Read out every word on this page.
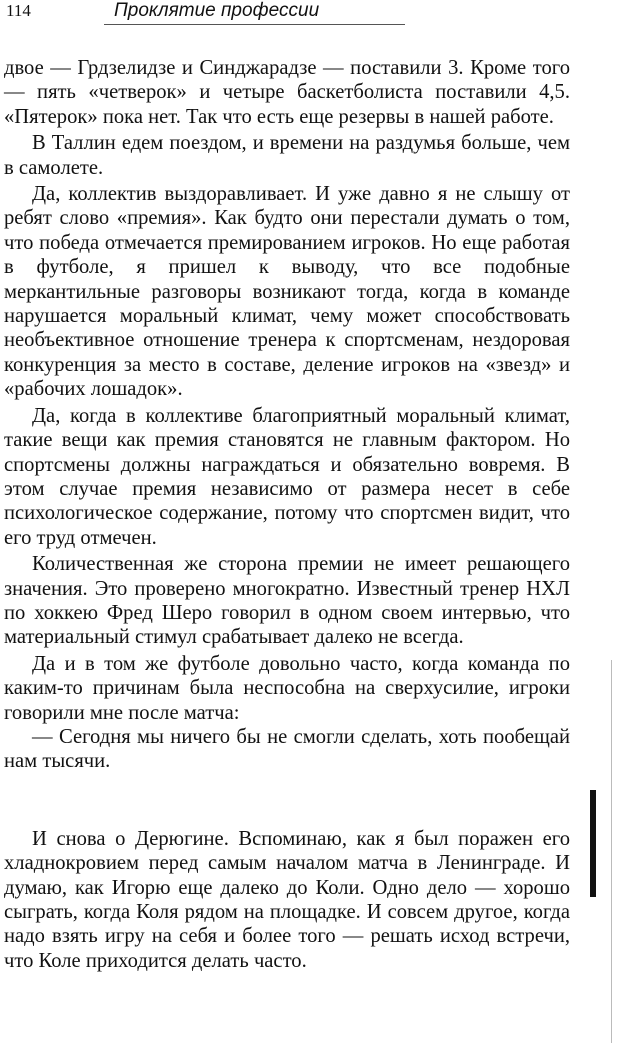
114	Проклятие профессии

двое — Грдзелидзе и Синджарадзе — поставили 3. Кроме того — пять «четверок» и четыре баскетболиста поставили 4,5. «Пятерок» пока нет. Так что есть еще резервы в нашей работе.

В Таллин едем поездом, и времени на раздумья больше, чем в самолете.

Да, коллектив выздоравливает. И уже давно я не слышу от ребят слово «премия». Как будто они перестали думать о том, что победа отмечается премированием игроков. Но еще работая в футболе, я пришел к выводу, что все подобные меркантильные разговоры возникают тогда, когда в команде нарушается моральный климат, чему может способствовать необъективное отношение тренера к спортсменам, нездоровая конкуренция за место в составе, деление игроков на «звезд» и «рабочих лошадок».

Да, когда в коллективе благоприятный моральный климат, такие вещи как премия становятся не главным фактором. Но спортсмены должны награждаться и обязательно вовремя. В этом случае премия независимо от размера несет в себе психологическое содержание, потому что спортсмен видит, что его труд отмечен.

Количественная же сторона премии не имеет решающего значения. Это проверено многократно. Известный тренер НХЛ по хоккею Фред Шеро говорил в одном своем интервью, что материальный стимул срабатывает далеко не всегда.

Да и в том же футболе довольно часто, когда команда по каким-то причинам была неспособна на сверхусилие, игроки говорили мне после матча:

— Сегодня мы ничего бы не смогли сделать, хоть пообещай нам тысячи.

И снова о Дерюгине. Вспоминаю, как я был поражен его хладнокровием перед самым началом матча в Ленинграде. И думаю, как Игорю еще далеко до Коли. Одно дело — хорошо сыграть, когда Коля рядом на площадке. И совсем другое, когда надо взять игру на себя и более того — решать исход встречи, что Коле приходится делать часто.
